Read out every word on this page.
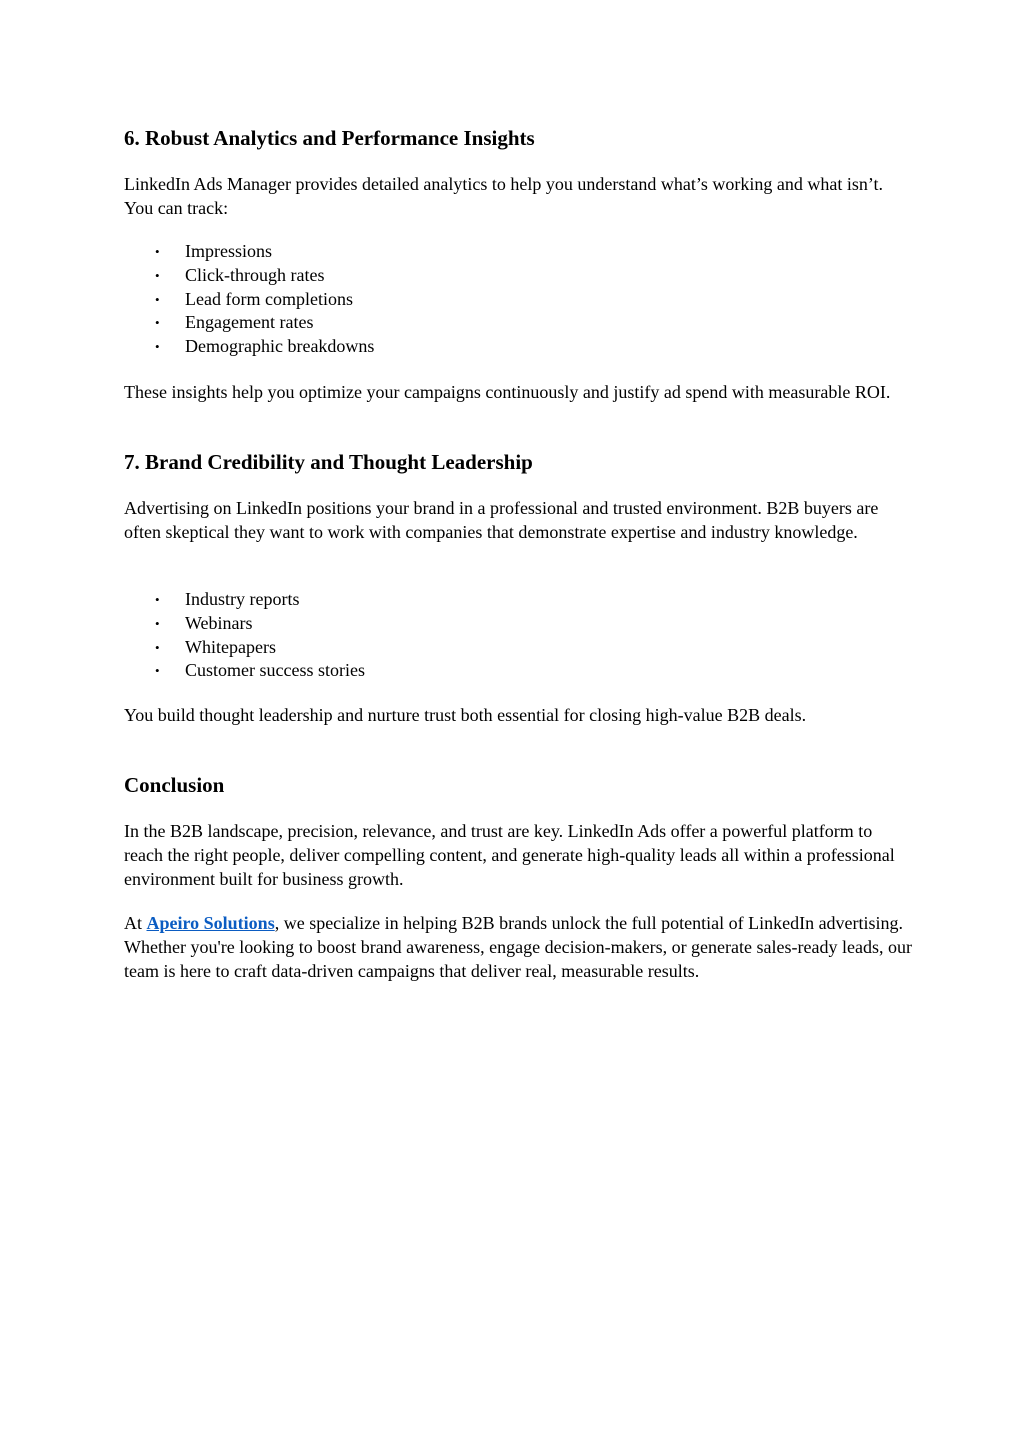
6. Robust Analytics and Performance Insights

LinkedIn Ads Manager provides detailed analytics to help you understand what’s working and what isn’t. You can track:

• Impressions
• Click-through rates
• Lead form completions
• Engagement rates
• Demographic breakdowns

These insights help you optimize your campaigns continuously and justify ad spend with measurable ROI.

7. Brand Credibility and Thought Leadership

Advertising on LinkedIn positions your brand in a professional and trusted environment. B2B buyers are often skeptical they want to work with companies that demonstrate expertise and industry knowledge.

• Industry reports
• Webinars
• Whitepapers
• Customer success stories

You build thought leadership and nurture trust both essential for closing high-value B2B deals.

Conclusion

In the B2B landscape, precision, relevance, and trust are key. LinkedIn Ads offer a powerful platform to reach the right people, deliver compelling content, and generate high-quality leads all within a professional environment built for business growth.

At Apeiro Solutions, we specialize in helping B2B brands unlock the full potential of LinkedIn advertising. Whether you're looking to boost brand awareness, engage decision-makers, or generate sales-ready leads, our team is here to craft data-driven campaigns that deliver real, measurable results.
